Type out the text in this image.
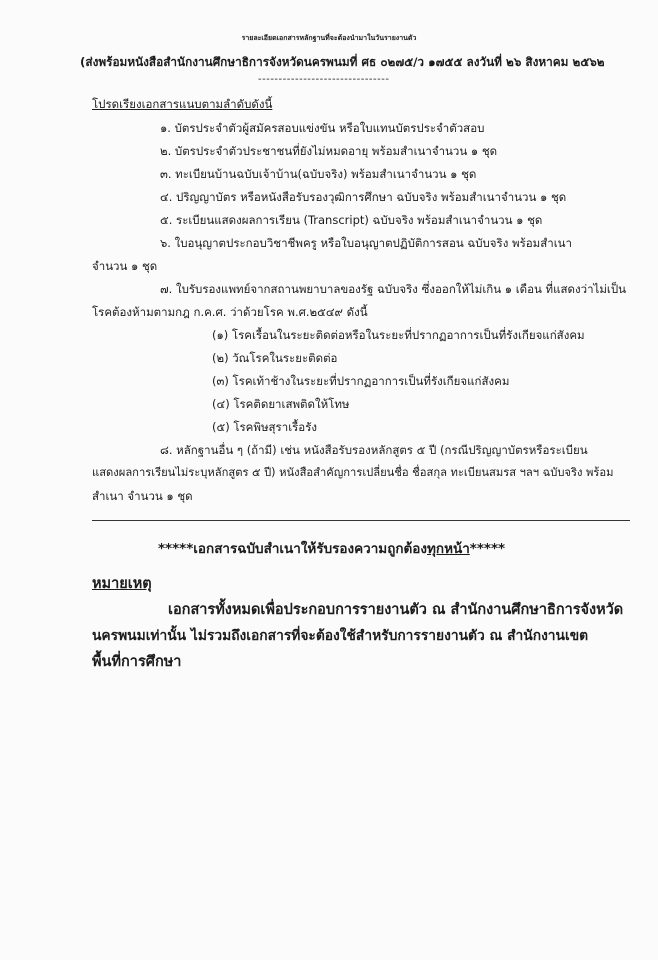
รายละเอียดเอกสารหลักฐานที่จะต้องนำมาในวันรายงานตัว
(ส่งพร้อมหนังสือสำนักงานศึกษาธิการจังหวัดนครพนมที่ ศธ ๐๒๗๕/ว ๑๗๕๕ ลงวันที่ ๒๖ สิงหาคม ๒๕๖๒
--------------------------------
โปรดเรียงเอกสารแนบตามลำดับดังนี้
๑. บัตรประจำตัวผู้สมัครสอบแข่งขัน หรือใบแทนบัตรประจำตัวสอบ
๒. บัตรประจำตัวประชาชนที่ยังไม่หมดอายุ พร้อมสำเนาจำนวน ๑ ชุด
๓. ทะเบียนบ้านฉบับเจ้าบ้าน(ฉบับจริง) พร้อมสำเนาจำนวน ๑ ชุด
๔. ปริญญาบัตร หรือหนังสือรับรองวุฒิการศึกษา ฉบับจริง พร้อมสำเนาจำนวน ๑ ชุด
๕. ระเบียนแสดงผลการเรียน (Transcript) ฉบับจริง พร้อมสำเนาจำนวน ๑ ชุด
๖. ใบอนุญาตประกอบวิชาชีพครู หรือใบอนุญาตปฏิบัติการสอน ฉบับจริง พร้อมสำเนา
จำนวน ๑ ชุด
๗. ใบรับรองแพทย์จากสถานพยาบาลของรัฐ ฉบับจริง ซึ่งออกให้ไม่เกิน ๑ เดือน ที่แสดงว่าไม่เป็น
โรคต้องห้ามตามกฎ ก.ค.ศ. ว่าด้วยโรค พ.ศ.๒๕๔๙ ดังนี้
(๑) โรคเรื้อนในระยะติดต่อหรือในระยะที่ปรากฏอาการเป็นที่รังเกียจแก่สังคม
(๒) วัณโรคในระยะติดต่อ
(๓) โรคเท้าช้างในระยะที่ปรากฏอาการเป็นที่รังเกียจแก่สังคม
(๔) โรคติดยาเสพติดให้โทษ
(๕) โรคพิษสุราเรื้อรัง
๘. หลักฐานอื่น ๆ (ถ้ามี) เช่น หนังสือรับรองหลักสูตร ๕ ปี (กรณีปริญญาบัตรหรือระเบียน
แสดงผลการเรียนไม่ระบุหลักสูตร ๕ ปี) หนังสือสำคัญการเปลี่ยนชื่อ ชื่อสกุล ทะเบียนสมรส ฯลฯ ฉบับจริง พร้อม
สำเนา จำนวน ๑ ชุด
*****เอกสารฉบับสำเนาให้รับรองความถูกต้องทุกหน้า*****
หมายเหตุ
เอกสารทั้งหมดเพื่อประกอบการรายงานตัว ณ สำนักงานศึกษาธิการจังหวัด
นครพนมเท่านั้น ไม่รวมถึงเอกสารที่จะต้องใช้สำหรับการรายงานตัว ณ สำนักงานเขต
พื้นที่การศึกษา
